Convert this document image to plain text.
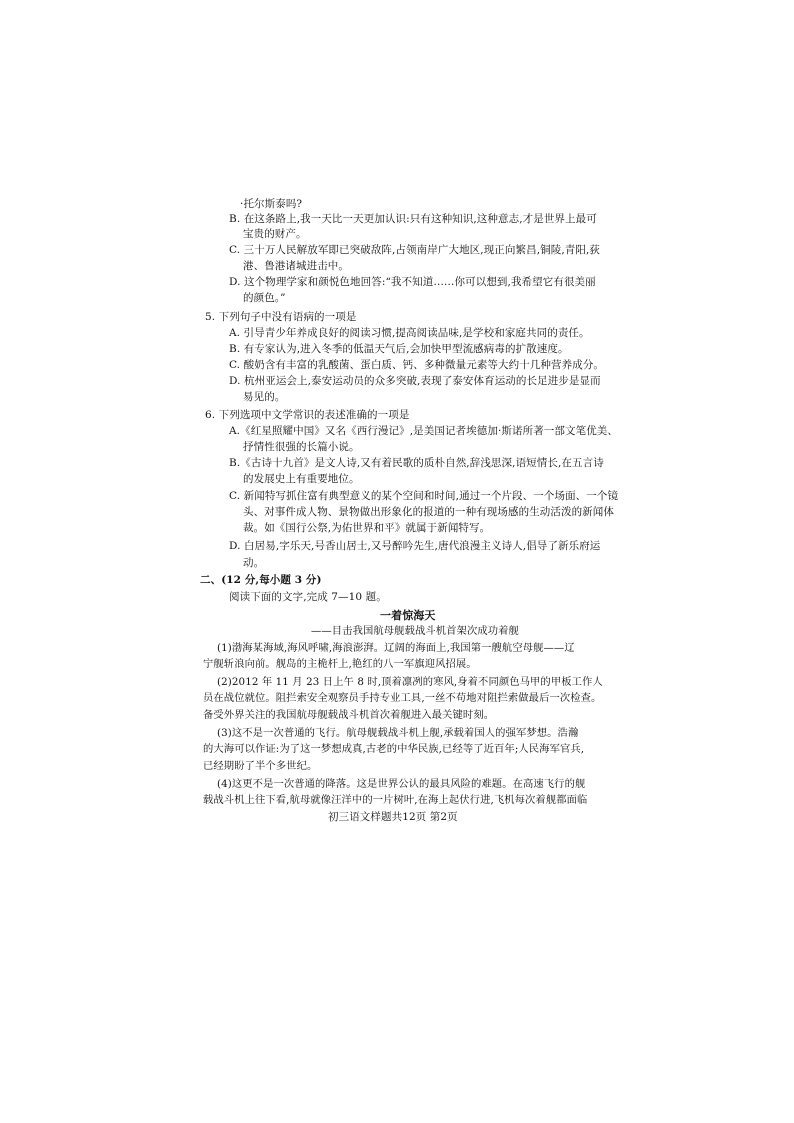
·托尔斯泰吗?
B. 在这条路上,我一天比一天更加认识:只有这种知识,这种意志,才是世界上最可
宝贵的财产。
C. 三十万人民解放军即已突破敌阵,占领南岸广大地区,现正向繁昌,铜陵,青阳,荻
港、鲁港诸城进击中。
D. 这个物理学家和颜悦色地回答:“我不知道……你可以想到,我希望它有很美丽
的颜色。”
5. 下列句子中没有语病的一项是
A. 引导青少年养成良好的阅读习惯,提高阅读品味,是学校和家庭共同的责任。
B. 有专家认为,进入冬季的低温天气后,会加快甲型流感病毒的扩散速度。
C. 酸奶含有丰富的乳酸菌、蛋白质、钙、多种微量元素等大约十几种营养成分。
D. 杭州亚运会上,泰安运动员的众多突破,表现了泰安体育运动的长足进步是显而
易见的。
6. 下列选项中文学常识的表述准确的一项是
A.《红星照耀中国》又名《西行漫记》,是美国记者埃德加·斯诺所著一部文笔优美、
抒情性很强的长篇小说。
B.《古诗十九首》是文人诗,又有着民歌的质朴自然,辞浅思深,语短情长,在五言诗
的发展史上有重要地位。
C. 新闻特写抓住富有典型意义的某个空间和时间,通过一个片段、一个场面、一个镜
头、对事件成人物、景物做出形象化的报道的一种有现场感的生动活泼的新闻体
裁。如《国行公祭,为佑世界和平》就属于新闻特写。
D. 白居易,字乐天,号香山居士,又号醉吟先生,唐代浪漫主义诗人,倡导了新乐府运
动。
二、(12 分,每小题 3 分)
阅读下面的文字,完成 7—10 题。
一着惊海天
——目击我国航母舰载战斗机首架次成功着舰
(1)渤海某海域,海风呼啸,海浪澎湃。辽阔的海面上,我国第一艘航空母舰——辽
宁舰斩浪向前。舰岛的主桅杆上,艳红的八一军旗迎风招展。
(2)2012 年 11 月 23 日上午 8 时,顶着凛冽的寒风,身着不同颜色马甲的甲板工作人
员在战位就位。阻拦索安全观察员手持专业工具,一丝不苟地对阻拦索做最后一次检查。
备受外界关注的我国航母舰载战斗机首次着舰进入最关键时刻。
(3)这不是一次普通的飞行。航母舰载战斗机上舰,承载着国人的强军梦想。浩瀚
的大海可以作证:为了这一梦想成真,古老的中华民族,已经等了近百年;人民海军官兵,
已经期盼了半个多世纪。
(4)这更不是一次普通的降落。这是世界公认的最具风险的难题。在高速飞行的舰
载战斗机上往下看,航母就像汪洋中的一片树叶,在海上起伏行进,飞机每次着舰都面临
初三语文样题共12页 第2页
